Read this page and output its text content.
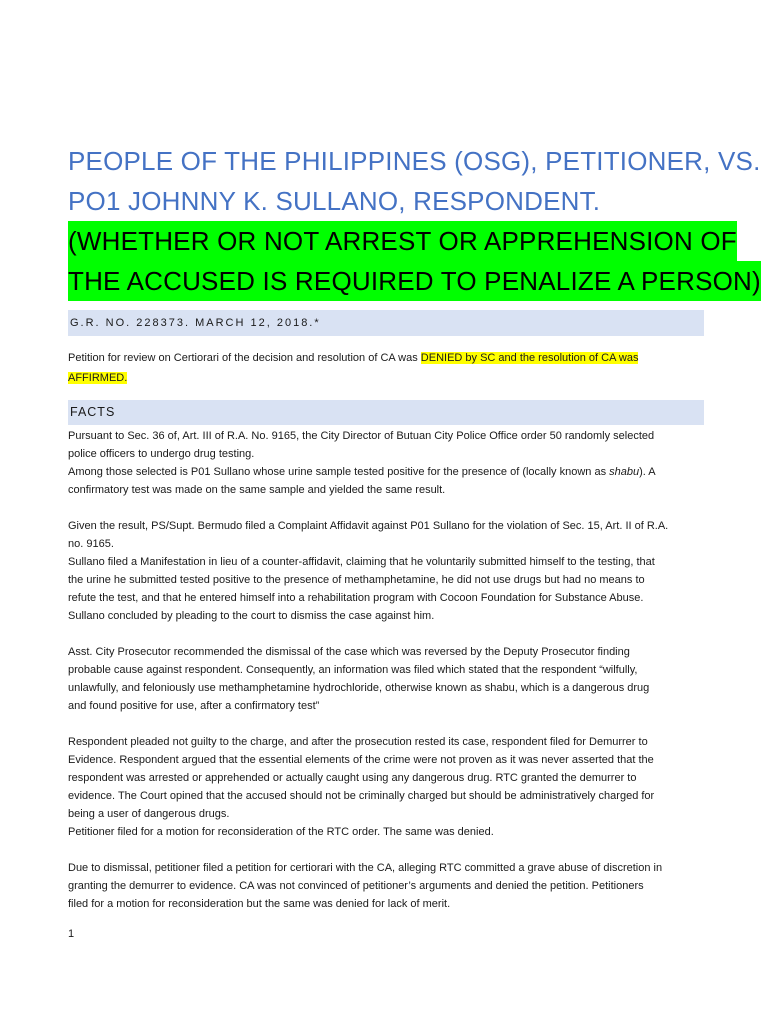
PEOPLE OF THE PHILIPPINES (OSG), PETITIONER, VS.
PO1 JOHNNY K. SULLANO, RESPONDENT.
(WHETHER OR NOT ARREST OR APPREHENSION OF
THE ACCUSED IS REQUIRED TO PENALIZE A PERSON)
G.R. NO. 228373. MARCH 12, 2018.*
Petition for review on Certiorari of the decision and resolution of CA was DENIED by SC and the resolution of CA was
AFFIRMED.
FACTS

Pursuant to Sec. 36 of, Art. III of R.A. No. 9165, the City Director of Butuan City Police Office order 50 randomly selected
police officers to undergo drug testing.

Among those selected is P01 Sullano whose urine sample tested positive for the presence of (locally known as shabu). A
confirmatory test was made on the same sample and yielded the same result.

Given the result, PS/Supt. Bermudo filed a Complaint Affidavit against P01 Sullano for the violation of Sec. 15, Art. II of R.A.
no. 9165.

Sullano filed a Manifestation in lieu of a counter-affidavit, claiming that he voluntarily submitted himself to the testing, that
the urine he submitted tested positive to the presence of methamphetamine, he did not use drugs but had no means to
refute the test, and that he entered himself into a rehabilitation program with Cocoon Foundation for Substance Abuse.
Sullano concluded by pleading to the court to dismiss the case against him.

Asst. City Prosecutor recommended the dismissal of the case which was reversed by the Deputy Prosecutor finding
probable cause against respondent. Consequently, an information was filed which stated that the respondent “wilfully,
unlawfully, and feloniously use methamphetamine hydrochloride, otherwise known as shabu, which is a dangerous drug
and found positive for use, after a confirmatory test”

Respondent pleaded not guilty to the charge, and after the prosecution rested its case, respondent filed for Demurrer to
Evidence. Respondent argued that the essential elements of the crime were not proven as it was never asserted that the
respondent was arrested or apprehended or actually caught using any dangerous drug. RTC granted the demurrer to
evidence. The Court opined that the accused should not be criminally charged but should be administratively charged for
being a user of dangerous drugs.

Petitioner filed for a motion for reconsideration of the RTC order. The same was denied.

Due to dismissal, petitioner filed a petition for certiorari with the CA, alleging RTC committed a grave abuse of discretion in
granting the demurrer to evidence. CA was not convinced of petitioner’s arguments and denied the petition. Petitioners
filed for a motion for reconsideration but the same was denied for lack of merit.

1
